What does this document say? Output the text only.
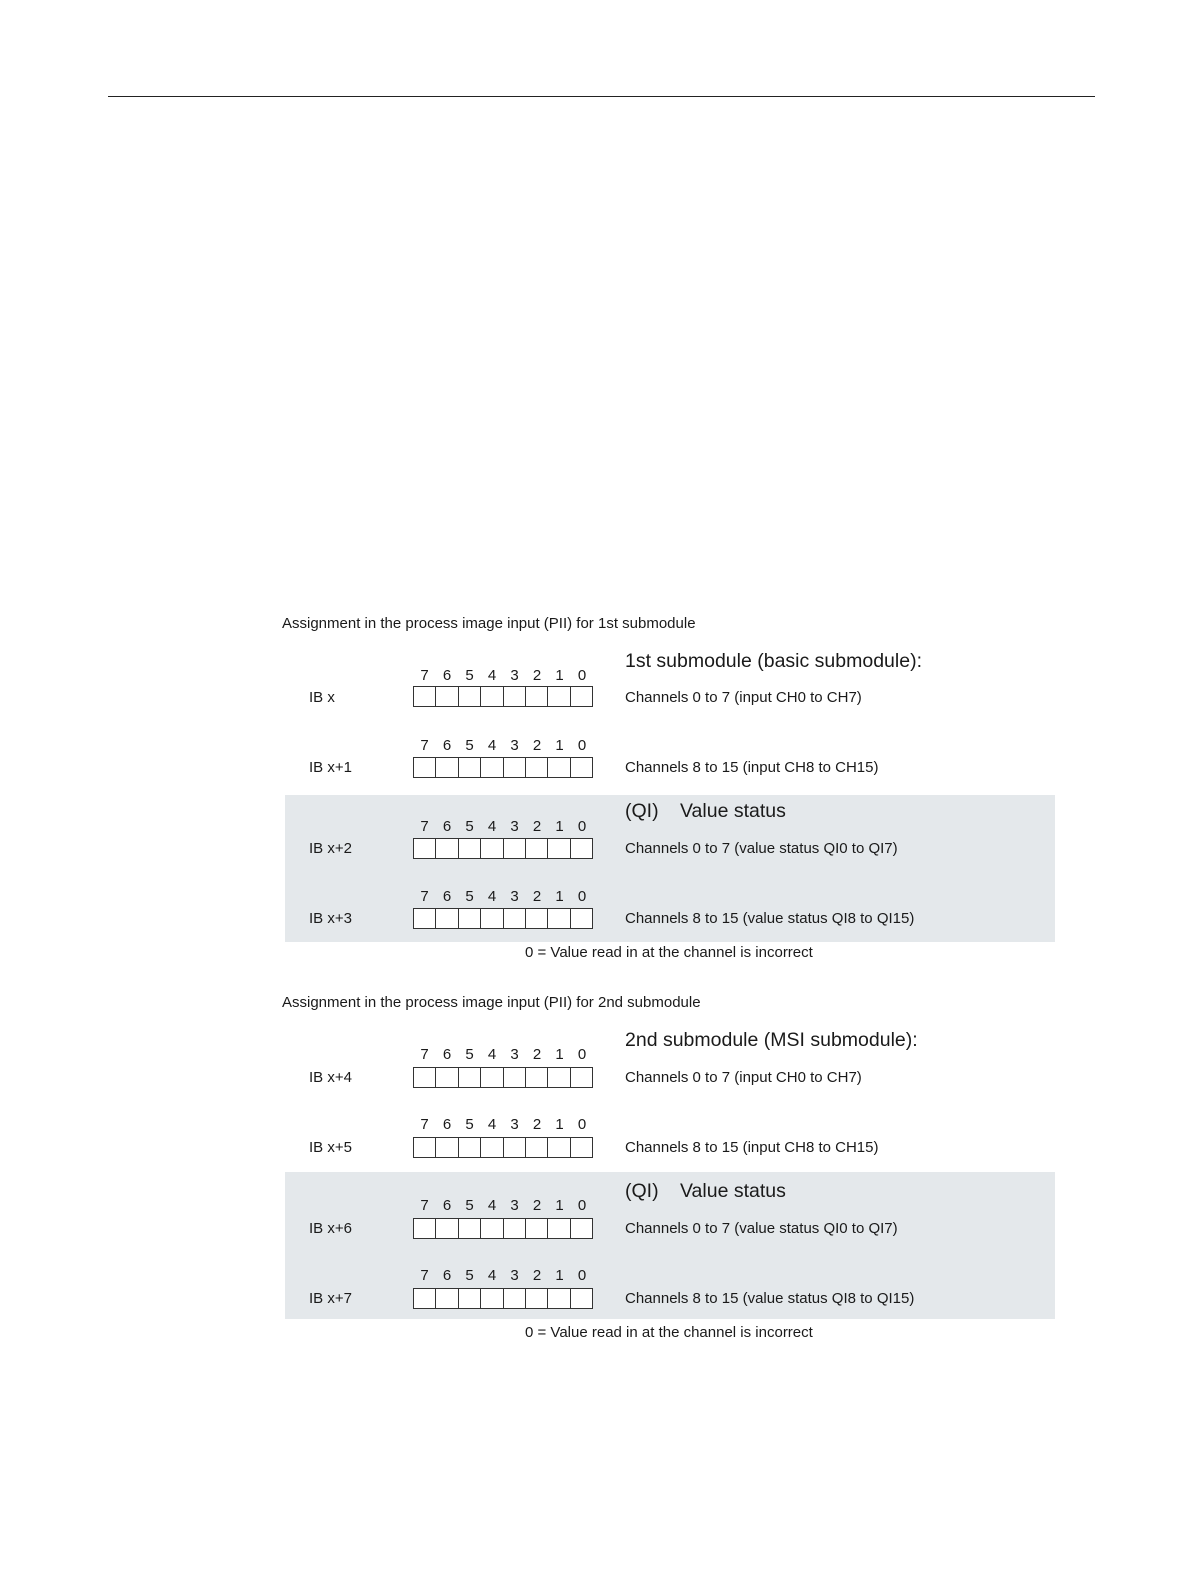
Assignment in the process image input (PII) for 1st submodule
1st submodule (basic submodule):
(QI) Value status
0 = Value read in at the channel is incorrect
IB x
7 6 5 4 3 2 1 0
Channels 0 to 7 (input CH0 to CH7)
IB x+1
7 6 5 4 3 2 1 0
Channels 8 to 15 (input CH8 to CH15)
IB x+2
7 6 5 4 3 2 1 0
Channels 0 to 7 (value status QI0 to QI7)
IB x+3
7 6 5 4 3 2 1 0
Channels 8 to 15 (value status QI8 to QI15)
Assignment in the process image input (PII) for 2nd submodule
2nd submodule (MSI submodule):
(QI) Value status
0 = Value read in at the channel is incorrect
IB x+4
7 6 5 4 3 2 1 0
Channels 0 to 7 (input CH0 to CH7)
IB x+5
7 6 5 4 3 2 1 0
Channels 8 to 15 (input CH8 to CH15)
IB x+6
7 6 5 4 3 2 1 0
Channels 0 to 7 (value status QI0 to QI7)
IB x+7
7 6 5 4 3 2 1 0
Channels 8 to 15 (value status QI8 to QI15)
